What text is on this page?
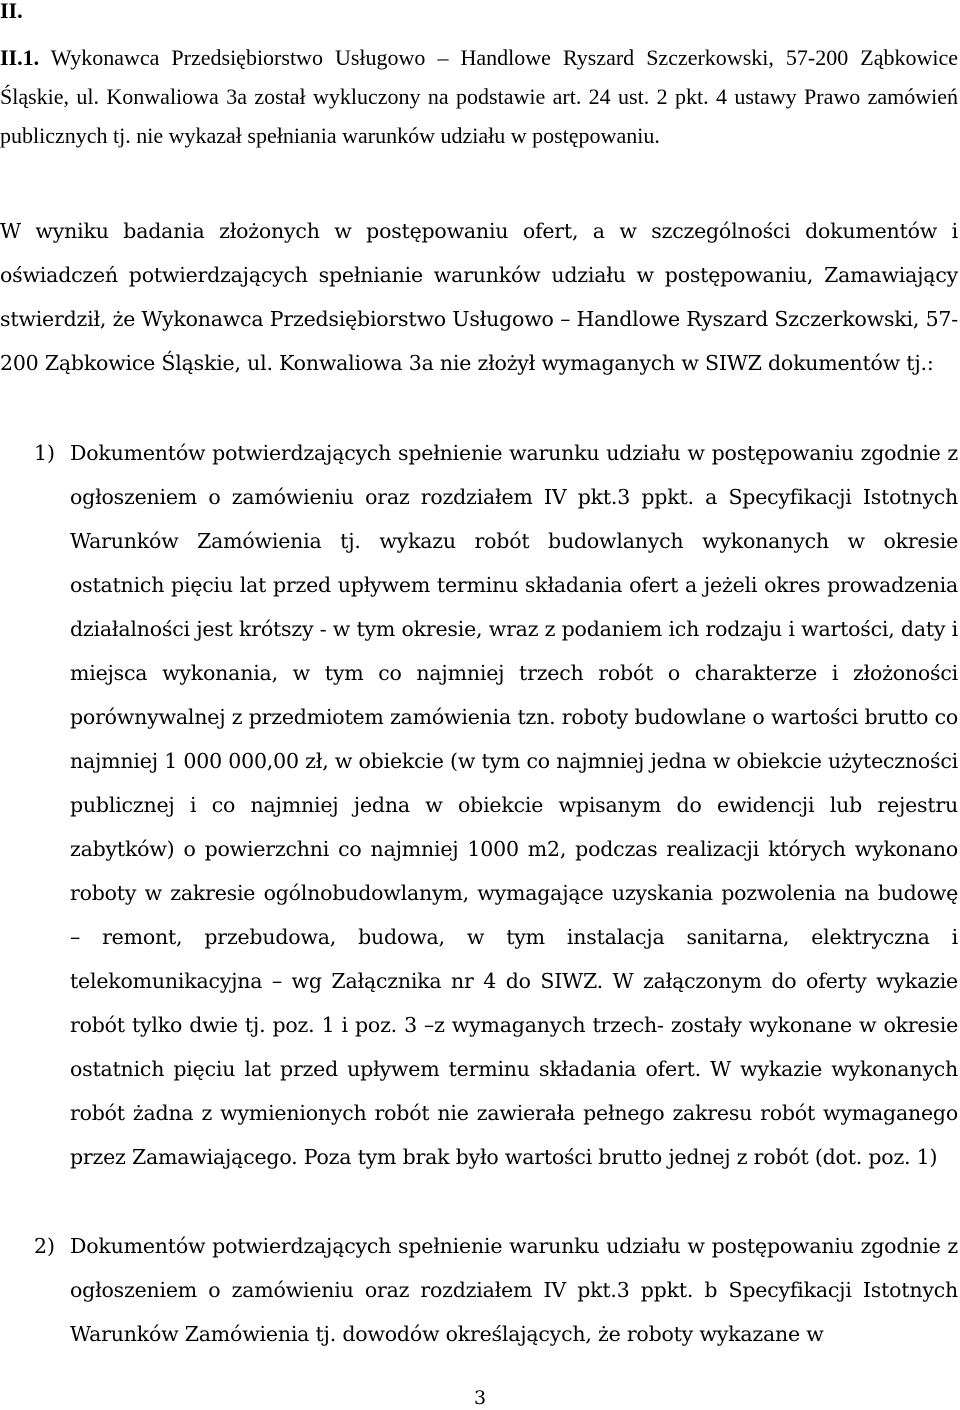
II.

II.1. Wykonawca Przedsiębiorstwo Usługowo – Handlowe Ryszard Szczerkowski, 57-200 Ząbkowice Śląskie, ul. Konwaliowa 3a został wykluczony na podstawie art. 24 ust. 2 pkt. 4 ustawy Prawo zamówień publicznych tj. nie wykazał spełniania warunków udziału w postępowaniu.

W wyniku badania złożonych w postępowaniu ofert, a w szczególności dokumentów i oświadczeń potwierdzających spełnianie warunków udziału w postępowaniu, Zamawiający stwierdził, że Wykonawca Przedsiębiorstwo Usługowo – Handlowe Ryszard Szczerkowski, 57-200 Ząbkowice Śląskie, ul. Konwaliowa 3a nie złożył wymaganych w SIWZ dokumentów tj.:

1) Dokumentów potwierdzających spełnienie warunku udziału w postępowaniu zgodnie z ogłoszeniem o zamówieniu oraz rozdziałem IV pkt.3 ppkt. a Specyfikacji Istotnych Warunków Zamówienia tj. wykazu robót budowlanych wykonanych w okresie ostatnich pięciu lat przed upływem terminu składania ofert a jeżeli okres prowadzenia działalności jest krótszy - w tym okresie, wraz z podaniem ich rodzaju i wartości, daty i miejsca wykonania, w tym co najmniej trzech robót o charakterze i złożoności porównywalnej z przedmiotem zamówienia tzn. roboty budowlane o wartości brutto co najmniej 1 000 000,00 zł, w obiekcie (w tym co najmniej jedna w obiekcie użyteczności publicznej i co najmniej jedna w obiekcie wpisanym do ewidencji lub rejestru zabytków) o powierzchni co najmniej 1000 m2, podczas realizacji których wykonano roboty w zakresie ogólnobudowlanym, wymagające uzyskania pozwolenia na budowę – remont, przebudowa, budowa, w tym instalacja sanitarna, elektryczna i telekomunikacyjna – wg Załącznika nr 4 do SIWZ. W załączonym do oferty wykazie robót tylko dwie tj. poz. 1 i poz. 3 –z wymaganych trzech- zostały wykonane w okresie ostatnich pięciu lat przed upływem terminu składania ofert. W wykazie wykonanych robót żadna z wymienionych robót nie zawierała pełnego zakresu robót wymaganego przez Zamawiającego. Poza tym brak było wartości brutto jednej z robót (dot. poz. 1)

2) Dokumentów potwierdzających spełnienie warunku udziału w postępowaniu zgodnie z ogłoszeniem o zamówieniu oraz rozdziałem IV pkt.3 ppkt. b Specyfikacji Istotnych Warunków Zamówienia tj. dowodów określających, że roboty wykazane w

3
